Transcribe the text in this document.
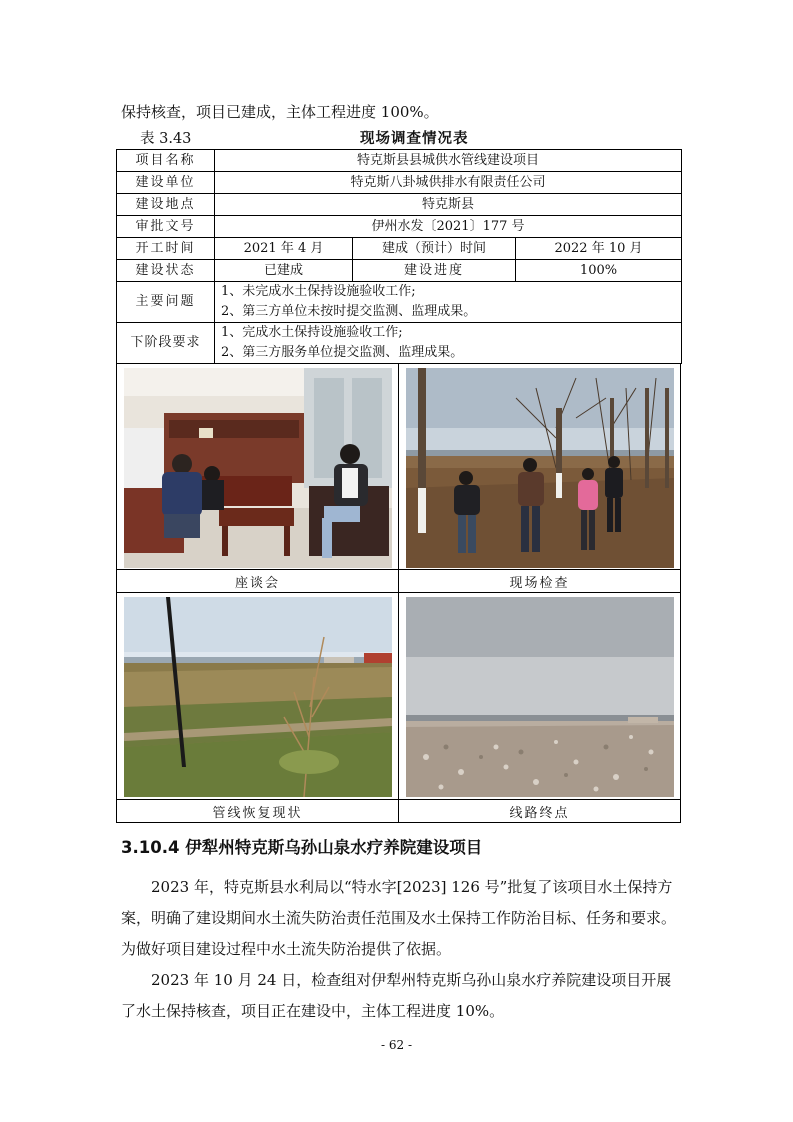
保持核查，项目已建成，主体工程进度 100%。

表 3.43	现场调查情况表
项目名称	特克斯县县城供水管线建设项目		
建设单位	特克斯八卦城供排水有限责任公司		
建设地点	特克斯县		
审批文号	伊州水发〔2021〕177 号		
开工时间	2021 年 4 月	建成（预计）时间	2022 年 10 月
建设状态	已建成	建设进度	100%
主要问题	1、未完成水土保持设施验收工作;
2、第三方单位未按时提交监测、监理成果。		

下阶段要求	1、完成水土保持设施验收工作;
2、第三方服务单位提交监测、监理成果。		

座谈会	现场检查

管线恢复现状	线路终点
3.10.4 伊犁州特克斯乌孙山泉水疗养院建设项目

2023 年，特克斯县水利局以“特水字[2023] 126 号”批复了该项目水土保持方案，明确了建设期间水土流失防治责任范围及水土保持工作防治目标、任务和要求。为做好项目建设过程中水土流失防治提供了依据。

2023 年 10 月 24 日，检查组对伊犁州特克斯乌孙山泉水疗养院建设项目开展了水土保持核查，项目正在建设中，主体工程进度 10%。

- 62 -
